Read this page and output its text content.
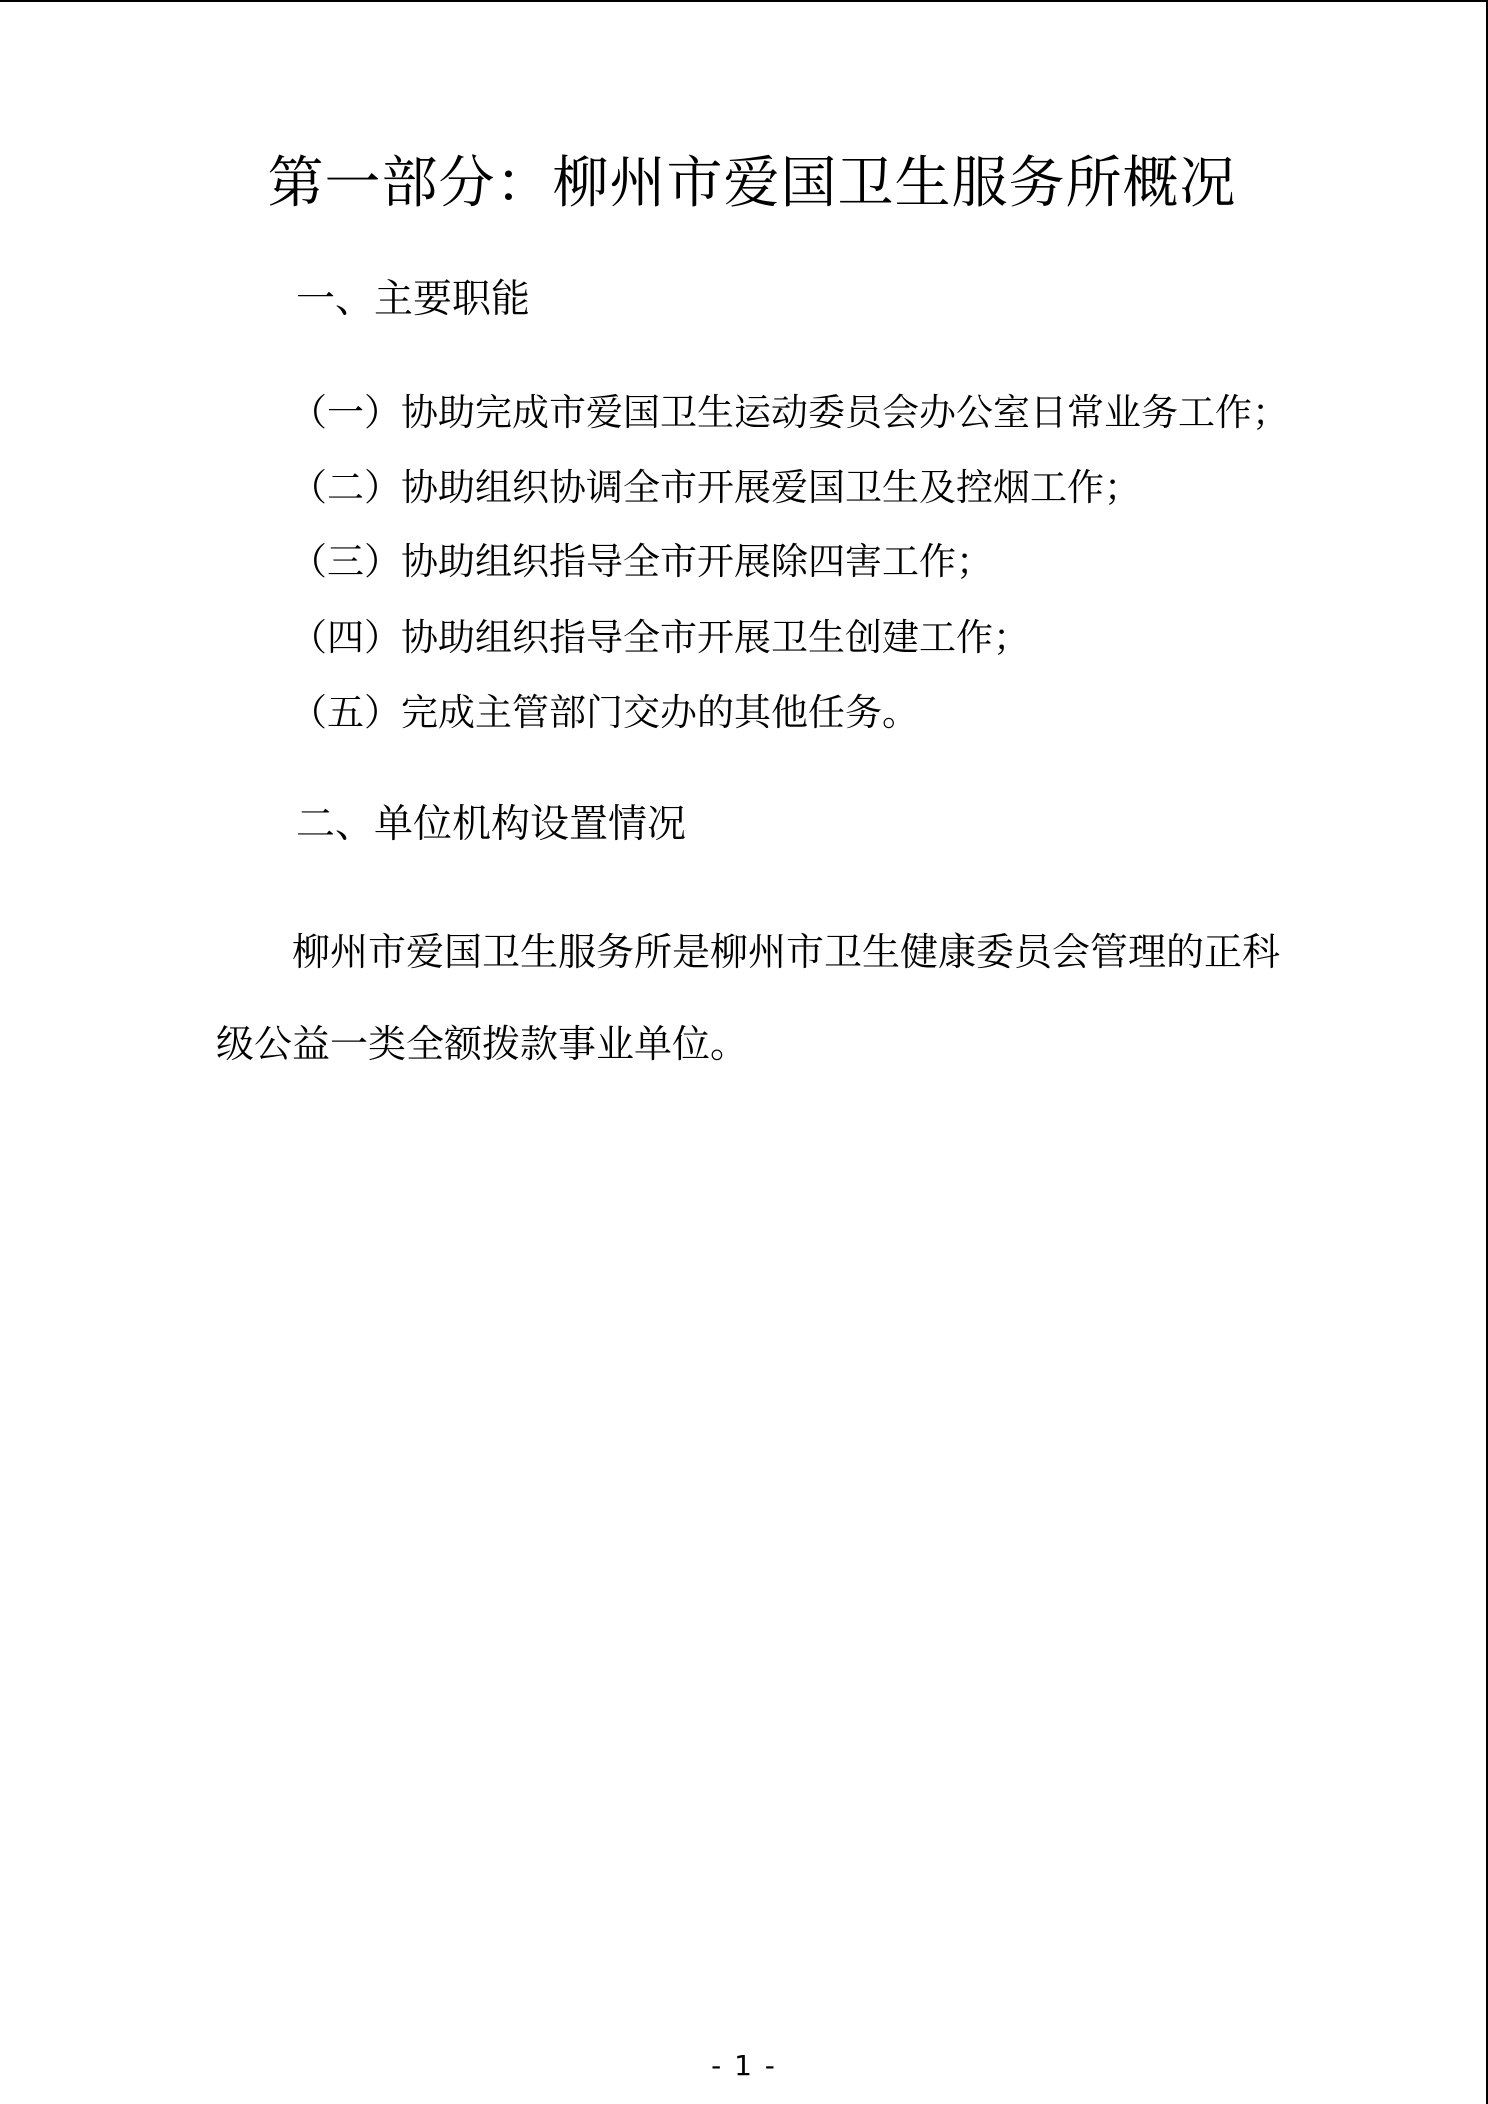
第一部分：柳州市爱国卫生服务所概况
一、主要职能
（一）协助完成市爱国卫生运动委员会办公室日常业务工作；
（二）协助组织协调全市开展爱国卫生及控烟工作；
（三）协助组织指导全市开展除四害工作；
（四）协助组织指导全市开展卫生创建工作；
（五）完成主管部门交办的其他任务。
二、单位机构设置情况
柳州市爱国卫生服务所是柳州市卫生健康委员会管理的正科级公益一类全额拨款事业单位。
- 1 -
